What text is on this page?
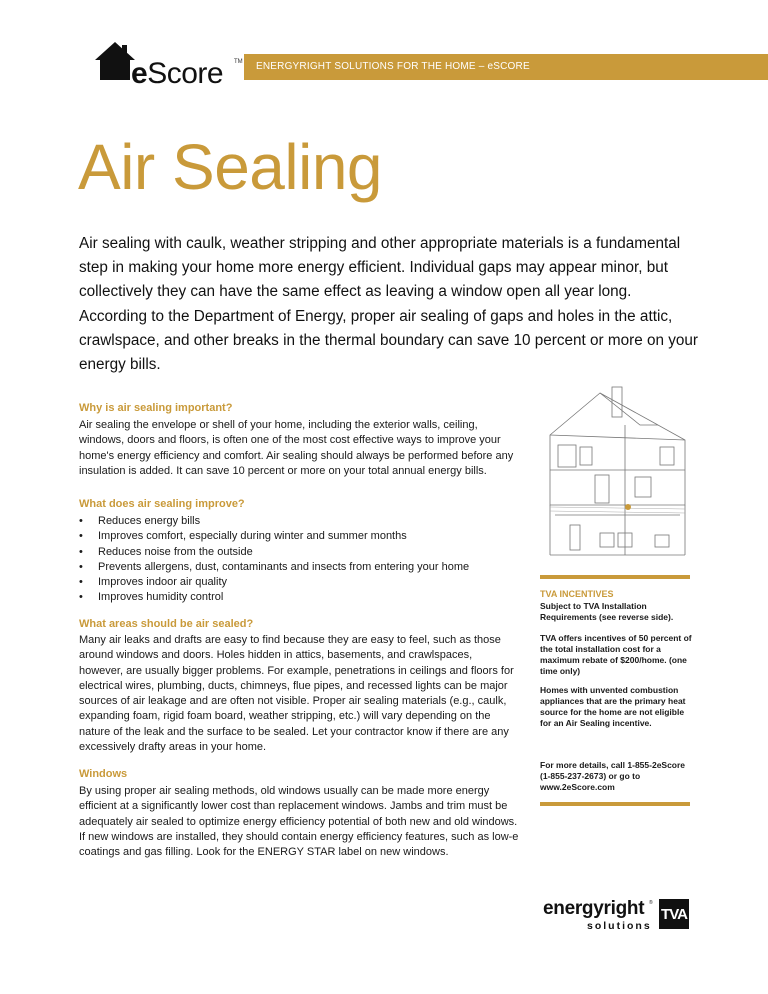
eScore TM ENERGYRIGHT SOLUTIONS FOR THE HOME – eSCORE
Air Sealing

Air sealing with caulk, weather stripping and other appropriate materials is a fundamental step in making your home more energy efficient. Individual gaps may appear minor, but collectively they can have the same effect as leaving a window open all year long. According to the Department of Energy, proper air sealing of gaps and holes in the attic, crawlspace, and other breaks in the thermal boundary can save 10 percent or more on your energy bills.

Why is air sealing important?

Air sealing the envelope or shell of your home, including the exterior walls, ceiling, windows, doors and floors, is often one of the most cost effective ways to improve your home's energy efficiency and comfort. Air sealing should always be performed before any insulation is added. It can save 10 percent or more on your total annual energy bills.

What does air sealing improve?
• Reduces energy bills
• Improves comfort, especially during winter and summer months
• Reduces noise from the outside
• Prevents allergens, dust, contaminants and insects from entering your home
• Improves indoor air quality
• Improves humidity control
What areas should be air sealed?

Many air leaks and drafts are easy to find because they are easy to feel, such as those around windows and doors. Holes hidden in attics, basements, and crawlspaces, however, are usually bigger problems. For example, penetrations in ceilings and floors for electrical wires, plumbing, ducts, chimneys, flue pipes, and recessed lights can be major sources of air leakage and are often not visible. Proper air sealing materials (e.g., caulk, expanding foam, rigid foam board, weather stripping, etc.) will vary depending on the nature of the leak and the surface to be sealed. Let your contractor know if there are any excessively drafty areas in your home.

Windows

By using proper air sealing methods, old windows usually can be made more energy efficient at a significantly lower cost than replacement windows. Jambs and trim must be adequately air sealed to optimize energy efficiency potential of both new and old windows. If new windows are installed, they should contain energy efficiency features, such as low-e coatings and gas filling. Look for the ENERGY STAR label on new windows.

TVA INCENTIVES

Subject to TVA Installation Requirements (see reverse side).

TVA offers incentives of 50 percent of the total installation cost for a maximum rebate of $200/home. (one time only)

Homes with unvented combustion appliances that are the primary heat source for the home are not eligible for an Air Sealing incentive.

For more details, call 1-855-2eScore (1-855-237-2673) or go to www.2eScore.com

energyright ®
solutions
TVA
